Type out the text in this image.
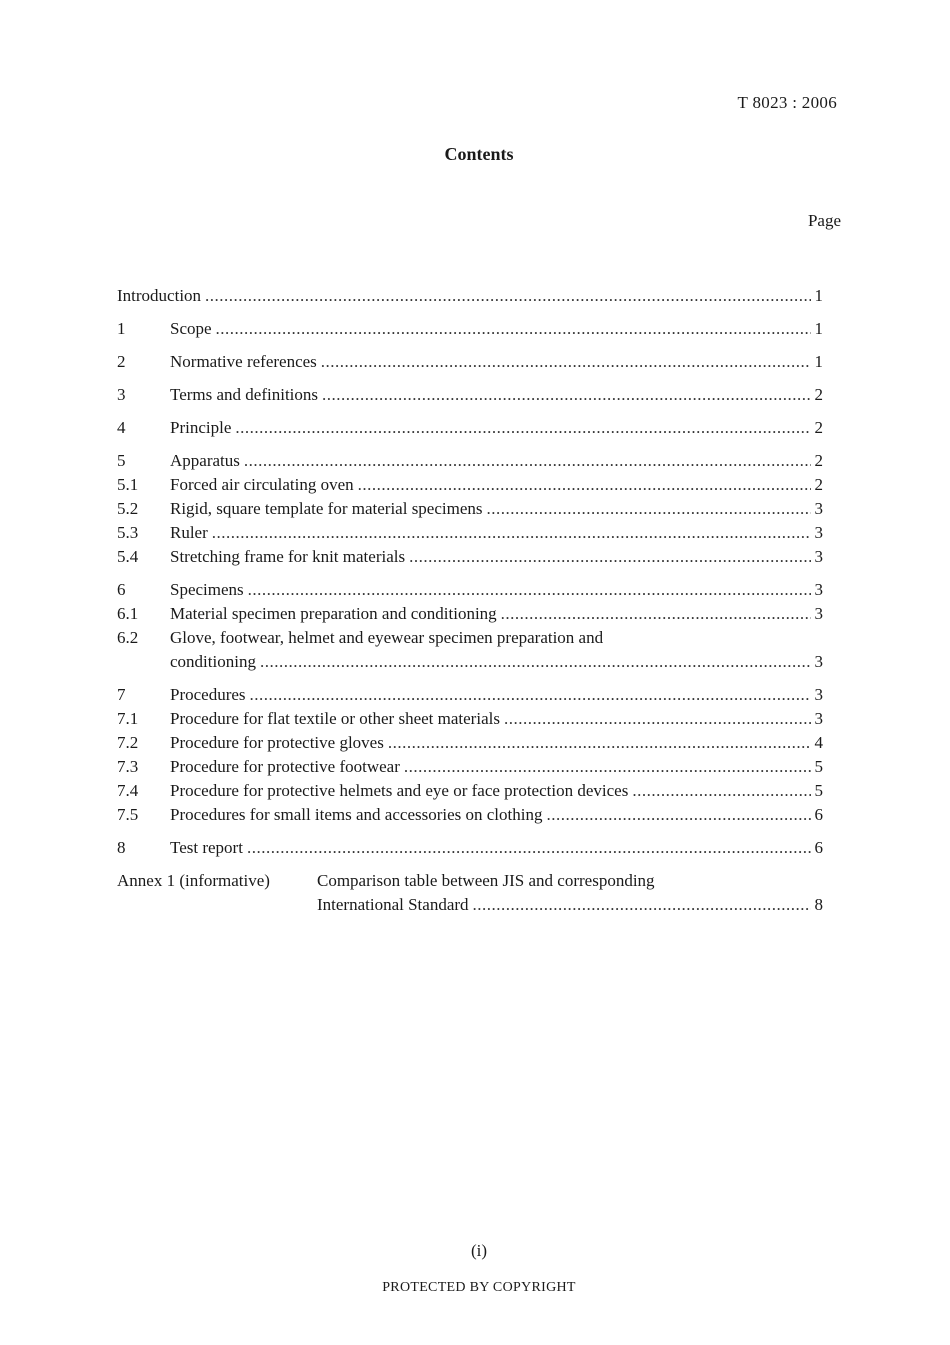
T 8023 : 2006
Contents
Page
Introduction .....	1
1	Scope .....	1
2	Normative references .....	1
3	Terms and definitions .....	2
4	Principle .....	2
5	Apparatus .....	2
5.1	Forced air circulating oven .....	2
5.2	Rigid, square template for material specimens .....	3
5.3	Ruler .....	3
5.4	Stretching frame for knit materials .....	3
6	Specimens .....	3
6.1	Material specimen preparation and conditioning .....	3
6.2	Glove, footwear, helmet and eyewear specimen preparation and
conditioning .....	3
7	Procedures .....	3
7.1	Procedure for flat textile or other sheet materials .....	3
7.2	Procedure for protective gloves .....	4
7.3	Procedure for protective footwear .....	5
7.4	Procedure for protective helmets and eye or face protection devices .....	5
7.5	Procedures for small items and accessories on clothing .....	6
8	Test report .....	6
Annex 1 (informative)	Comparison table between JIS and corresponding
International Standard .....	8
(i)
PROTECTED BY COPYRIGHT
